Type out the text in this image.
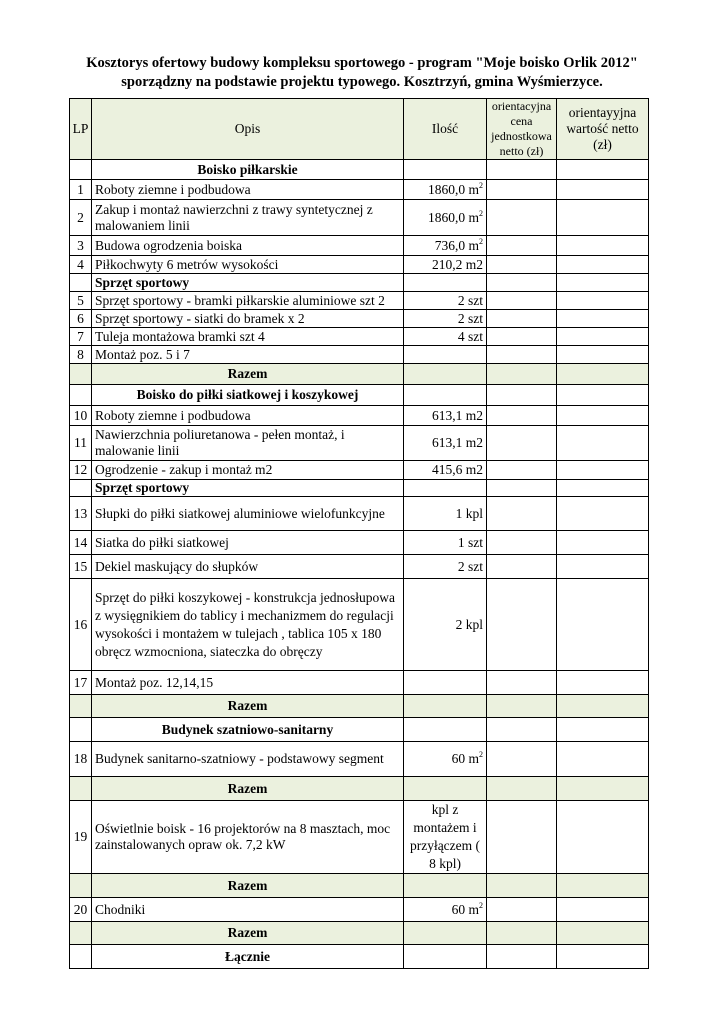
Kosztorys ofertowy budowy kompleksu sportowego - program "Moje boisko Orlik 2012"
sporządzny na podstawie projektu typowego. Kosztrzyń, gmina Wyśmierzyce.
LP	Opis	Ilość	orientacyjna cena jednostkowa netto (zł)	orientayyjna wartość netto (zł)
	Boisko piłkarskie			
1	Roboty ziemne i podbudowa	1860,0 $m^2$		
2	Zakup i montaż nawierzchni z trawy syntetycznej z malowaniem linii	1860,0 $m^2$		
3	Budowa ogrodzenia boiska	736,0 $m^2$		
4	Piłkochwyty 6 metrów wysokości	210,2 m2		
	Sprzęt sportowy			
5	Sprzęt sportowy - bramki piłkarskie aluminiowe szt 2	2 szt		
6	Sprzęt sportowy - siatki do bramek x 2	2 szt		
7	Tuleja montażowa bramki szt 4	4 szt		
8	Montaż poz. 5 i 7			
	Razem			
	Boisko do piłki siatkowej i koszykowej			
10	Roboty ziemne i podbudowa	613,1 m2		
11	Nawierzchnia poliuretanowa - pełen montaż, i malowanie linii	613,1 m2		
12	Ogrodzenie - zakup i montaż m2	415,6 m2		
	Sprzęt sportowy			
13	Słupki do piłki siatkowej aluminiowe wielofunkcyjne	1 kpl		
14	Siatka do piłki siatkowej	1 szt		
15	Dekiel maskujący do słupków	2 szt		
16	Sprzęt do piłki koszykowej - konstrukcja jednosłupowa z wysięgnikiem do tablicy i mechanizmem do regulacji wysokości i montażem w tulejach , tablica 105 x 180 obręcz wzmocniona, siateczka do obręczy	2 kpl		
17	Montaż poz. 12,14,15			
	Razem			
	Budynek szatniowo-sanitarny			
18	Budynek sanitarno-szatniowy - podstawowy segment	60 $m^2$		
	Razem			
19	Oświetlnie boisk - 16 projektorów na 8 masztach, moc zainstalowanych opraw ok. 7,2 kW	kpl z montażem i przyłączem ( 8 kpl)		
	Razem			
20	Chodniki	60 $m^2$		
	Razem			
	Łącznie			
